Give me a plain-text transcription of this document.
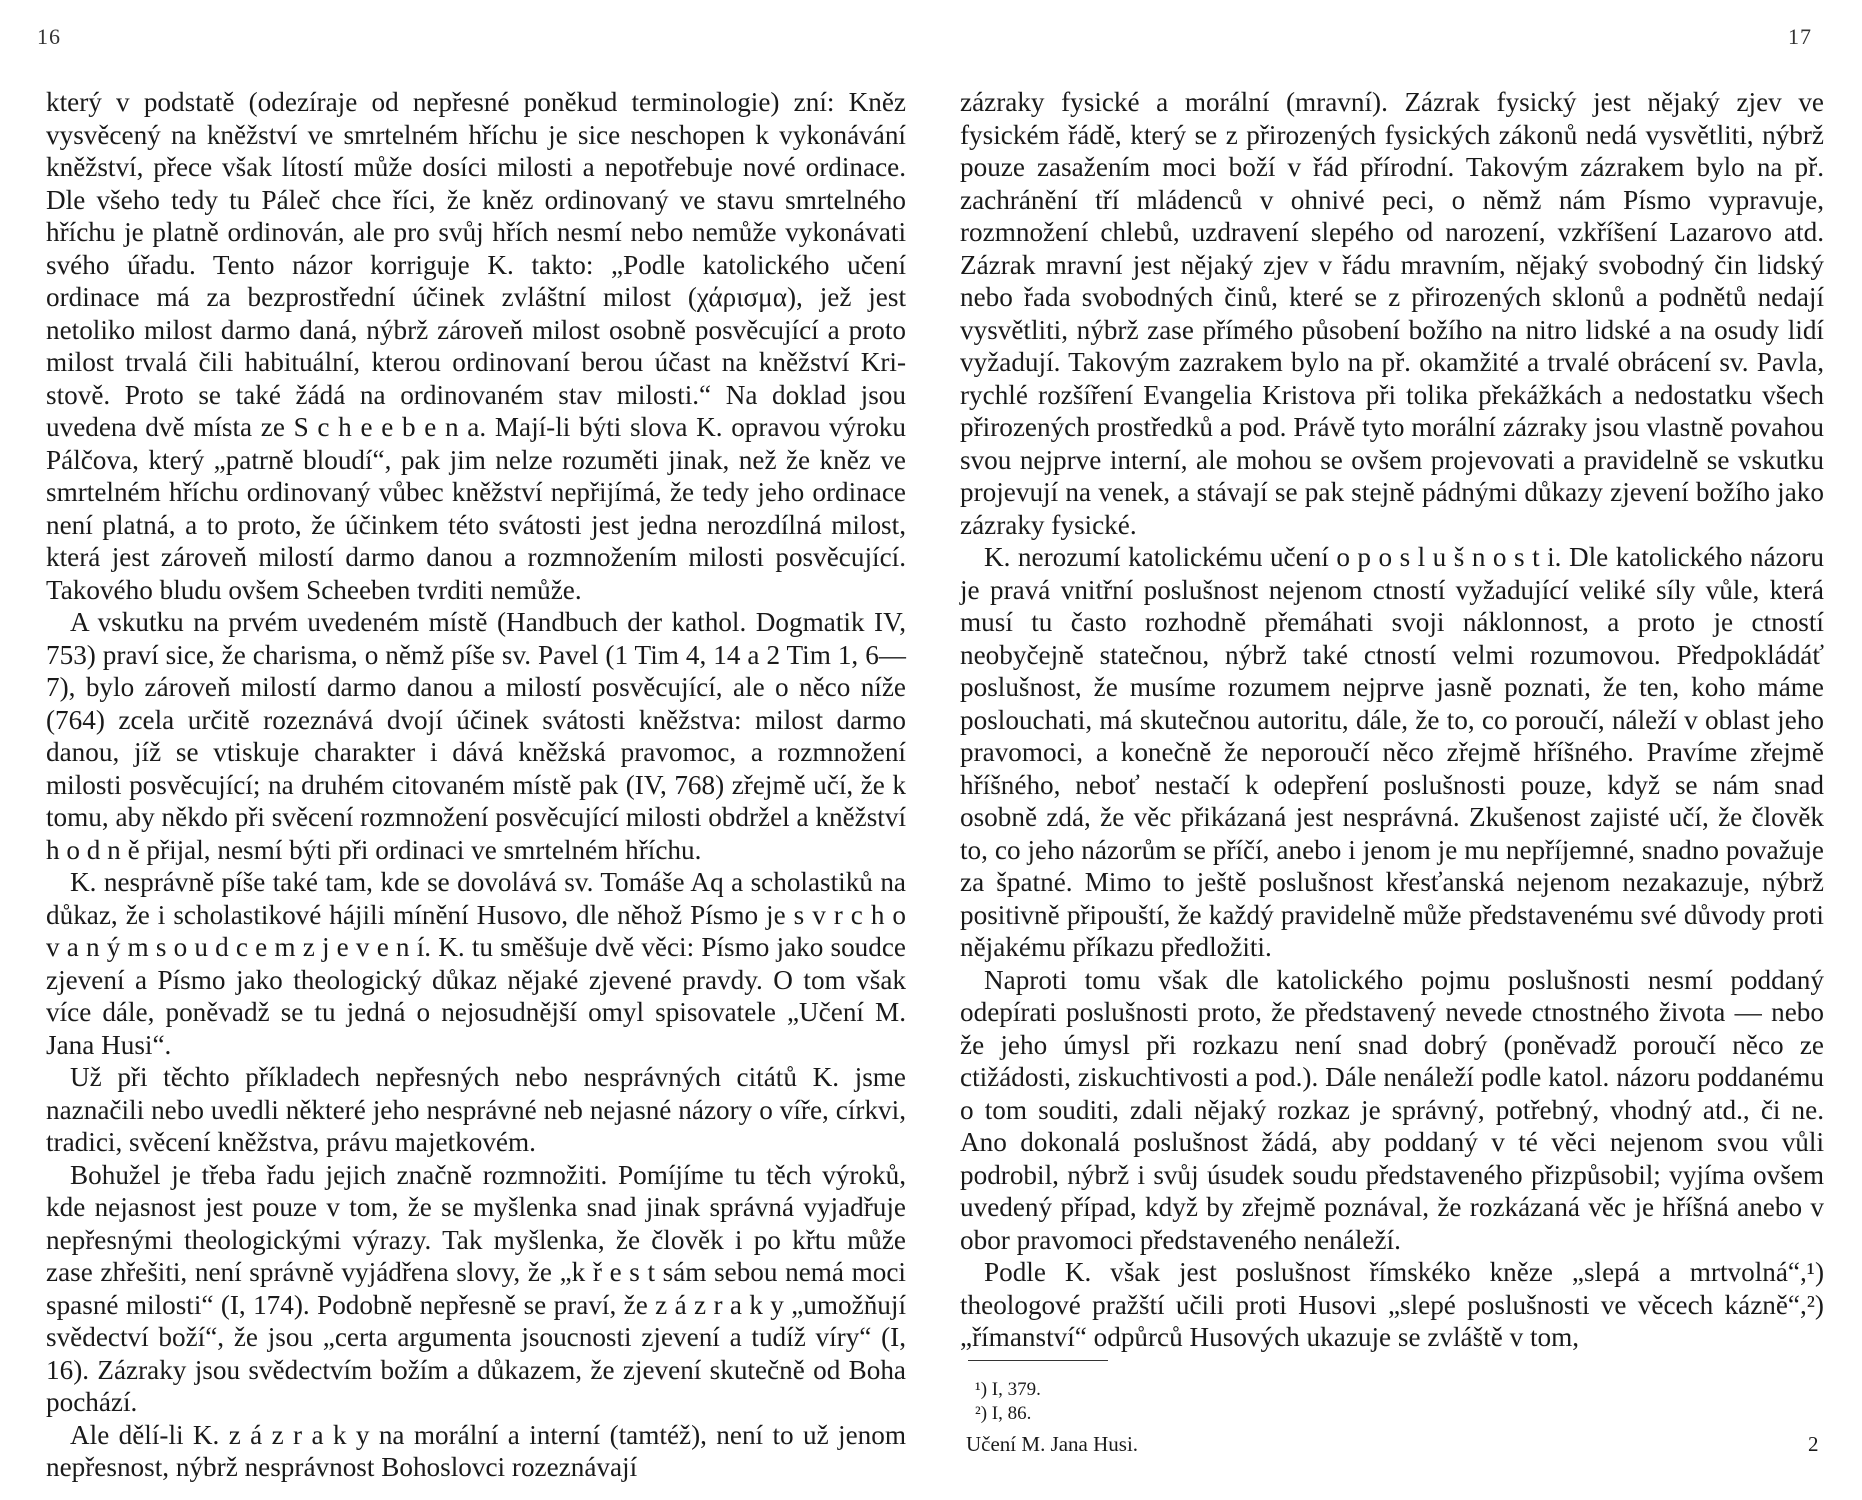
16	17

který v podstatě (odezíraje od nepřesné poněkud terminologie) zní: Kněz vysvěcený na kněžství ve smrtelném hříchu je sice neschopen k vykonávání kněžství, přece však lítostí může dosíci milosti a nepotřebuje nové ordinace. Dle všeho tedy tu Páleč chce říci, že kněz ordinovaný ve stavu smrtelného hříchu je platně ordinován, ale pro svůj hřích nesmí nebo nemůže vykonávati svého úřadu. Tento názor korriguje K. takto: „Podle katolického učení ordinace má za bezprostřední účinek zvláštní milost (χάρισμα), jež jest netoliko milost darmo daná, nýbrž zároveň milost osobně posvěcující a proto milost trvalá čili habituální, kterou ordinovaní berou účast na kněžství Kristově. Proto se také žádá na ordinovaném stav milosti.“ Na doklad jsou uvedena dvě místa ze S c h e e b e n a. Mají-li býti slova K. opravou výroku Pálčova, který „patrně bloudí“, pak jim nelze rozuměti jinak, než že kněz ve smrtelném hříchu ordinovaný vůbec kněžství nepřijímá, že tedy jeho ordinace není platná, a to proto, že účinkem této svátosti jest jedna nerozdílná milost, která jest zároveň milostí darmo danou a rozmnožením milosti posvěcující. Takového bludu ovšem Scheeben tvrditi nemůže.

A vskutku na prvém uvedeném místě (Handbuch der kathol. Dogmatik IV, 753) praví sice, že charisma, o němž píše sv. Pavel (1 Tim 4, 14 a 2 Tim 1, 6—7), bylo zároveň milostí darmo danou a milostí posvěcující, ale o něco níže (764) zcela určitě rozeznává dvojí účinek svátosti kněžstva: milost darmo danou, jíž se vtiskuje charakter i dává kněžská pravomoc, a rozmnožení milosti posvěcující; na druhém citovaném místě pak (IV, 768) zřejmě učí, že k tomu, aby někdo při svěcení rozmnožení posvěcující milosti obdržel a kněžství h o d n ě přijal, nesmí býti při ordinaci ve smrtelném hříchu.

K. nesprávně píše také tam, kde se dovolává sv. Tomáše Aq a scholastiků na důkaz, že i scholastikové hájili mínění Husovo, dle něhož Písmo je s v r c h o v a n ý m s o u d c e m z j e v e n í. K. tu směšuje dvě věci: Písmo jako soudce zjevení a Písmo jako theologický důkaz nějaké zjevené pravdy. O tom však více dále, poněvadž se tu jedná o nejosudnější omyl spisovatele „Učení M. Jana Husi“.

Už při těchto příkladech nepřesných nebo nesprávných citátů K. jsme naznačili nebo uvedli některé jeho nesprávné neb nejasné názory o víře, církvi, tradici, svěcení kněžstva, právu majetkovém.

Bohužel je třeba řadu jejich značně rozmnožiti. Pomíjíme tu těch výroků, kde nejasnost jest pouze v tom, že se myšlenka snad jinak správná vyjadřuje nepřesnými theologickými výrazy. Tak myšlenka, že člověk i po křtu může zase zhřešiti, není správně vyjádřena slovy, že „k ř e s t sám sebou nemá moci spasné milosti“ (I, 174). Podobně nepřesně se praví, že z á z r a k y „umožňují svědectví boží“, že jsou „certa argumenta jsoucnosti zjevení a tudíž víry“ (I, 16). Zázraky jsou svědectvím božím a důkazem, že zjevení skutečně od Boha pochází.

Ale dělí-li K. z á z r a k y na morální a interní (tamtéž), není to už jenom nepřesnost, nýbrž nesprávnost Bohoslovci rozeznávají

zázraky fysické a morální (mravní). Zázrak fysický jest nějaký zjev ve fysickém řádě, který se z přirozených fysických zákonů nedá vysvětliti, nýbrž pouze zasažením moci boží v řád přírodní. Takovým zázrakem bylo na př. zachránění tří mládenců v ohnivé peci, o němž nám Písmo vypravuje, rozmnožení chlebů, uzdravení slepého od narození, vzkříšení Lazarovo atd. Zázrak mravní jest nějaký zjev v řádu mravním, nějaký svobodný čin lidský nebo řada svobodných činů, které se z přirozených sklonů a podnětů nedají vysvětliti, nýbrž zase přímého působení božího na nitro lidské a na osudy lidí vyžadují. Takovým zazrakem bylo na př. okamžité a trvalé obrácení sv. Pavla, rychlé rozšíření Evangelia Kristova při tolika překážkách a nedostatku všech přirozených prostředků a pod. Právě tyto morální zázraky jsou vlastně povahou svou nejprve interní, ale mohou se ovšem projevovati a pravidelně se vskutku projevují na venek, a stávají se pak stejně pádnými důkazy zjevení božího jako zázraky fysické.

K. nerozumí katolickému učení o p o s l u š n o s t i. Dle katolického názoru je pravá vnitřní poslušnost nejenom ctností vyžadující veliké síly vůle, která musí tu často rozhodně přemáhati svoji náklonnost, a proto je ctností neobyčejně statečnou, nýbrž také ctností velmi rozumovou. Předpokládáť poslušnost, že musíme rozumem nejprve jasně poznati, že ten, koho máme poslouchati, má skutečnou autoritu, dále, že to, co poroučí, náleží v oblast jeho pravomoci, a konečně že neporoučí něco zřejmě hříšného. Pravíme zřejmě hříšného, neboť nestačí k odepření poslušnosti pouze, když se nám snad osobně zdá, že věc přikázaná jest nesprávná. Zkušenost zajisté učí, že člověk to, co jeho názorům se příčí, anebo i jenom je mu nepříjemné, snadno považuje za špatné. Mimo to ještě poslušnost křesťanská nejenom nezakazuje, nýbrž positivně připouští, že každý pravidelně může představenému své důvody proti nějakému příkazu předložiti.

Naproti tomu však dle katolického pojmu poslušnosti nesmí poddaný odepírati poslušnosti proto, že představený nevede ctnostného života — nebo že jeho úmysl při rozkazu není snad dobrý (poněvadž poroučí něco ze ctižádosti, ziskuchtivosti a pod.). Dále nenáleží podle katol. názoru poddanému o tom souditi, zdali nějaký rozkaz je správný, potřebný, vhodný atd., či ne. Ano dokonalá poslušnost žádá, aby poddaný v té věci nejenom svou vůli podrobil, nýbrž i svůj úsudek soudu představeného přizpůsobil; vyjíma ovšem uvedený případ, když by zřejmě poznával, že rozkázaná věc je hříšná anebo v obor pravomoci představeného nenáleží.

Podle K. však jest poslušnost římskékо kněze „slepá a mrtvolná“,¹) theologové pražští učili proti Husovi „slepé poslušnosti ve věcech kázně“,²) „římanství“ odpůrců Husových ukazuje se zvláště v tom,

¹) I, 379.
²) I, 86.
Učení M. Jana Husi.	2
